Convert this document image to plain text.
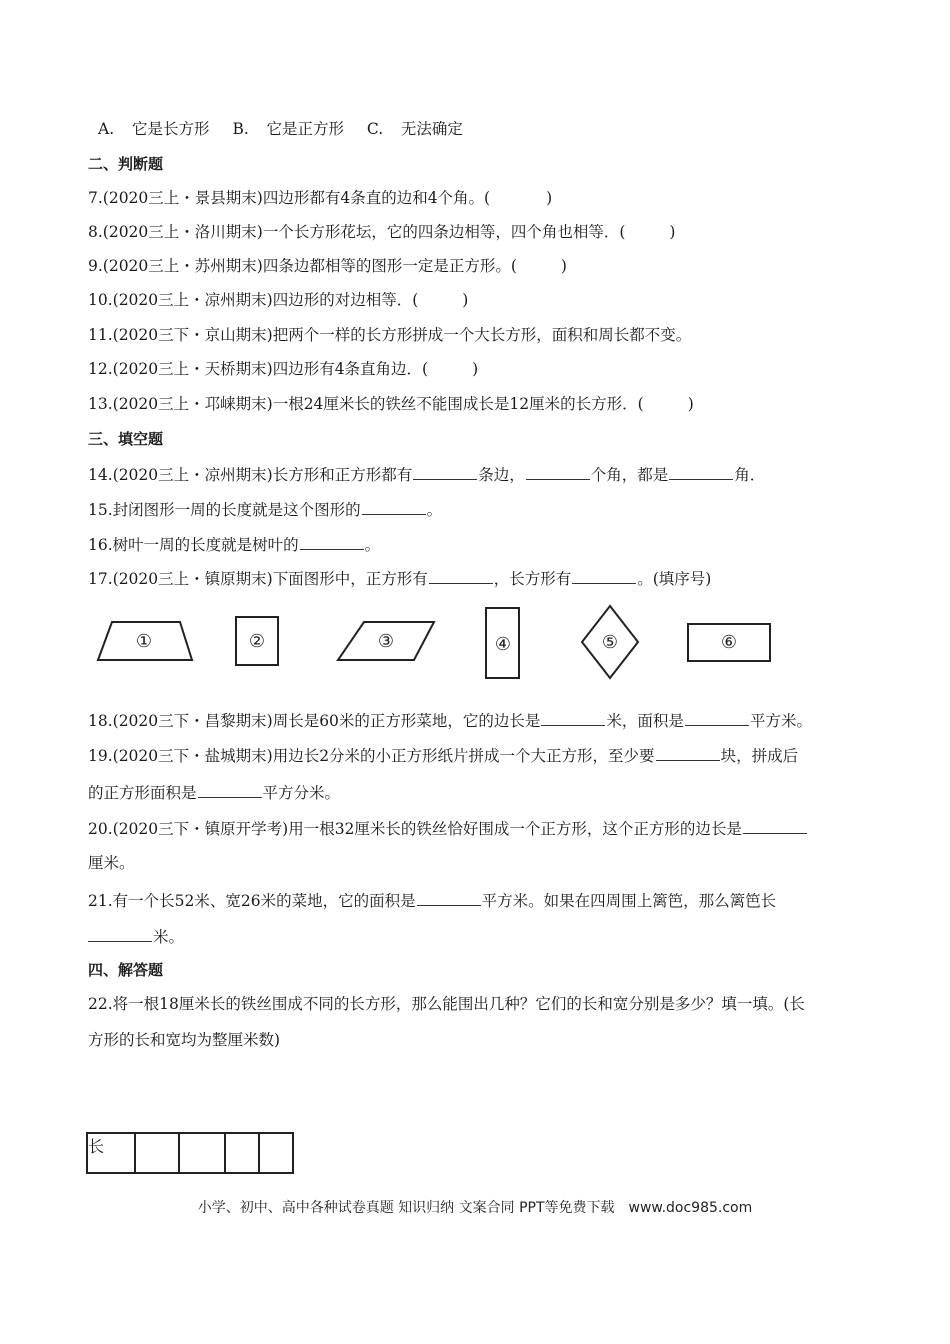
A. 它是长方形 B. 它是正方形 C. 无法确定
二、判断题
7.(2020三上・景县期末)四边形都有4条直的边和4个角。(	)
8.(2020三上・洛川期末)一个长方形花坛，它的四条边相等，四个角也相等．(	)
9.(2020三上・苏州期末)四条边都相等的图形一定是正方形。(	)
10.(2020三上・凉州期末)四边形的对边相等．(	)
11.(2020三下・京山期末)把两个一样的长方形拼成一个大长方形，面积和周长都不变。
12.(2020三上・天桥期末)四边形有4条直角边．(	)
13.(2020三上・邛崃期末)一根24厘米长的铁丝不能围成长是12厘米的长方形．(	)
三、填空题
14.(2020三上・凉州期末)长方形和正方形都有	条边，	个角，都是	角．
15.封闭图形一周的长度就是这个图形的	。
16.树叶一周的长度就是树叶的	。
17.(2020三上・镇原期末)下面图形中，正方形有	，长方形有	。(填序号)
①	②	③	④	⑤	⑥
18.(2020三下・昌黎期末)周长是60米的正方形菜地，它的边长是	米，面积是	平方米。
19.(2020三下・盐城期末)用边长2分米的小正方形纸片拼成一个大正方形，至少要	块，拼成后
的正方形面积是	平方分米。
20.(2020三下・镇原开学考)用一根32厘米长的铁丝恰好围成一个正方形，这个正方形的边长是
厘米。
21.有一个长52米、宽26米的菜地，它的面积是	平方米。如果在四周围上篱笆，那么篱笆长
米。
四、解答题
22.将一根18厘米长的铁丝围成不同的长方形，那么能围出几种？它们的长和宽分别是多少？填一填。(长
方形的长和宽均为整厘米数)
长				
小学、初中、高中各种试卷真题 知识归纳 文案合同 PPT等免费下载　www.doc985.com
